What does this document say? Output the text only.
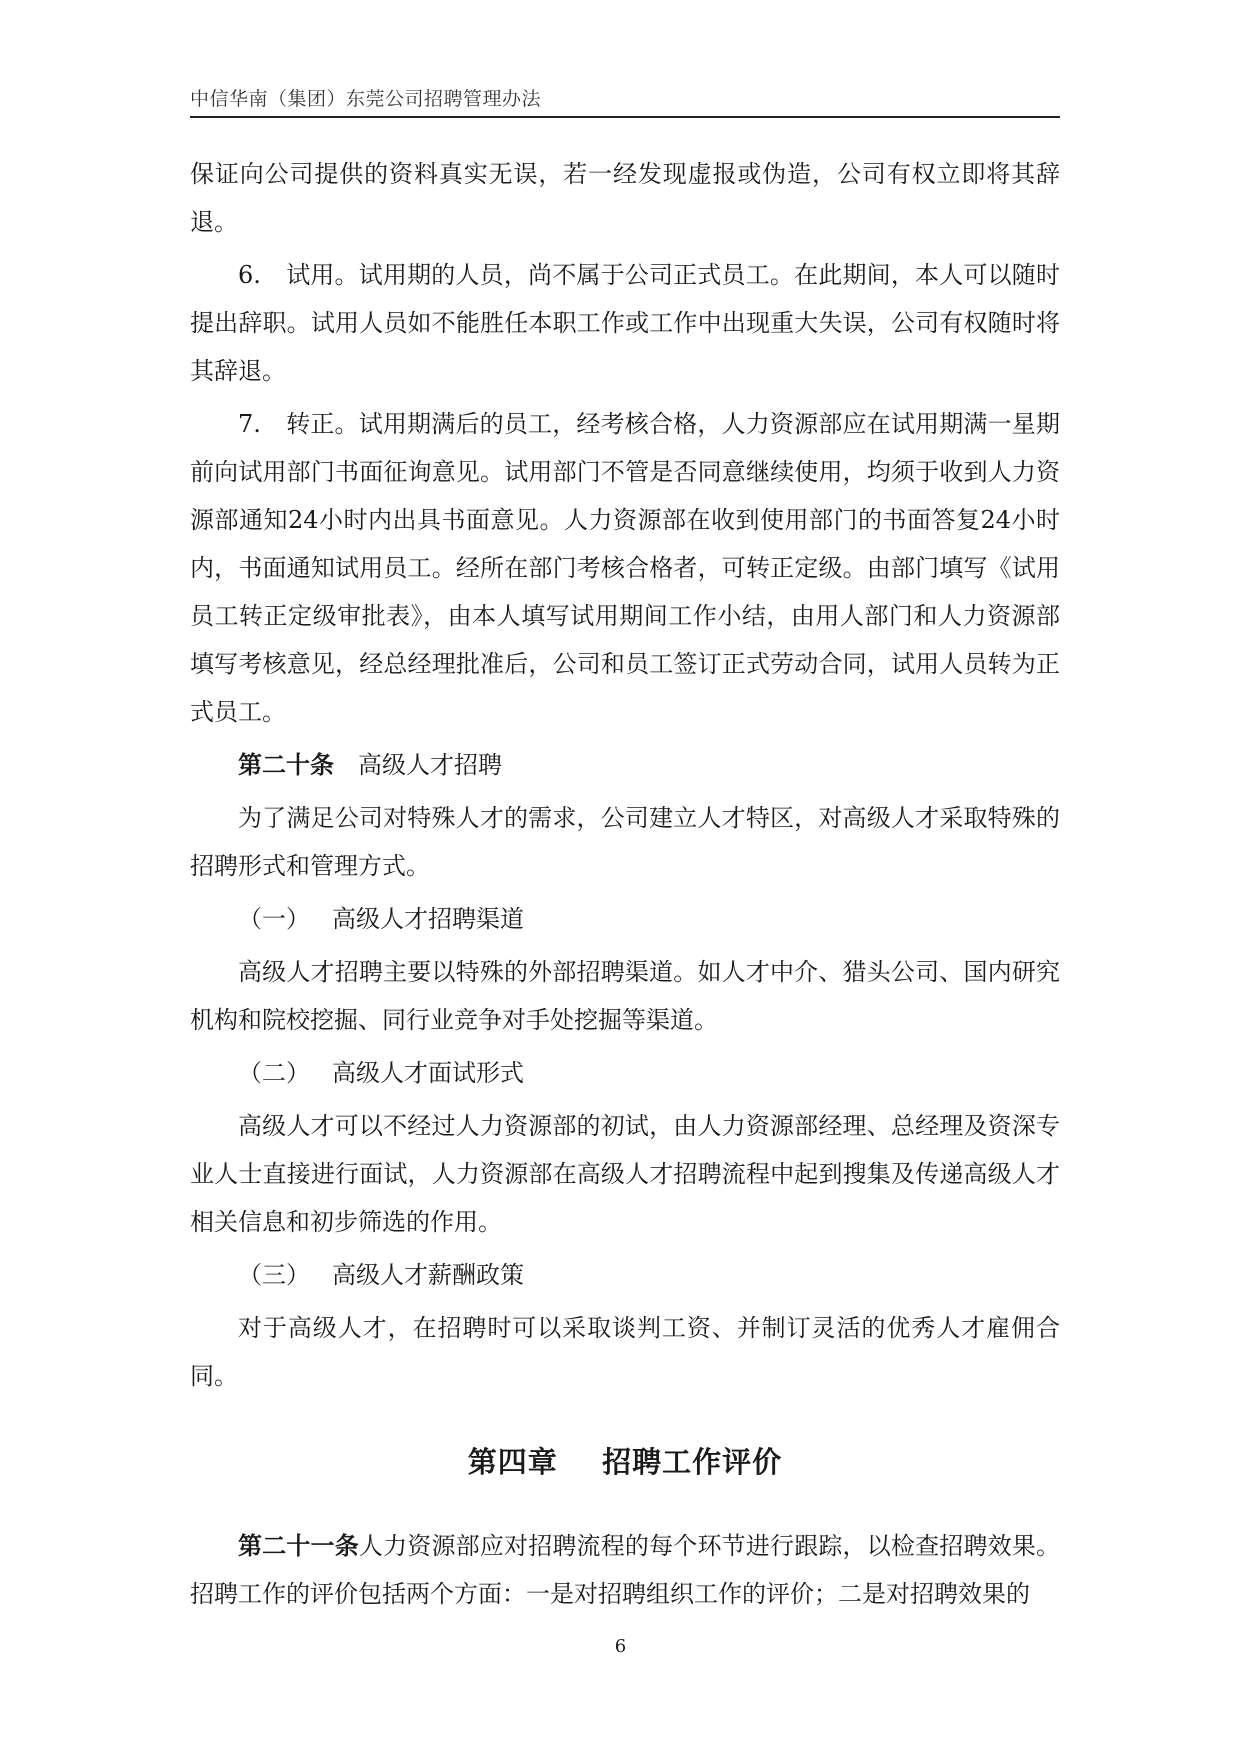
中信华南（集团）东莞公司招聘管理办法

保证向公司提供的资料真实无误，若一经发现虚报或伪造，公司有权立即将其辞退。

6. 试用。试用期的人员，尚不属于公司正式员工。在此期间，本人可以随时提出辞职。试用人员如不能胜任本职工作或工作中出现重大失误，公司有权随时将其辞退。

7. 转正。试用期满后的员工，经考核合格，人力资源部应在试用期满一星期前向试用部门书面征询意见。试用部门不管是否同意继续使用，均须于收到人力资源部通知24小时内出具书面意见。人力资源部在收到使用部门的书面答复24小时内，书面通知试用员工。经所在部门考核合格者，可转正定级。由部门填写《试用员工转正定级审批表》，由本人填写试用期间工作小结，由用人部门和人力资源部填写考核意见，经总经理批准后，公司和员工签订正式劳动合同，试用人员转为正式员工。

第二十条 高级人才招聘

为了满足公司对特殊人才的需求，公司建立人才特区，对高级人才采取特殊的招聘形式和管理方式。

（一） 高级人才招聘渠道

高级人才招聘主要以特殊的外部招聘渠道。如人才中介、猎头公司、国内研究机构和院校挖掘、同行业竞争对手处挖掘等渠道。

（二） 高级人才面试形式

高级人才可以不经过人力资源部的初试，由人力资源部经理、总经理及资深专业人士直接进行面试，人力资源部在高级人才招聘流程中起到搜集及传递高级人才相关信息和初步筛选的作用。

（三） 高级人才薪酬政策

对于高级人才，在招聘时可以采取谈判工资、并制订灵活的优秀人才雇佣合同。

第四章    招聘工作评价

第二十一条人力资源部应对招聘流程的每个环节进行跟踪，以检查招聘效果。招聘工作的评价包括两个方面：一是对招聘组织工作的评价；二是对招聘效果的

6
